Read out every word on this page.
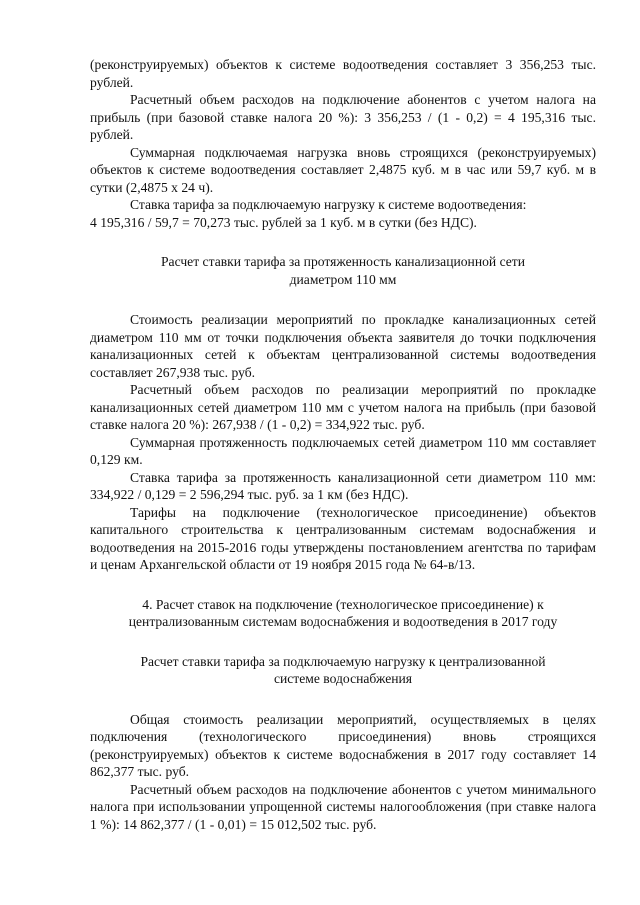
(реконструируемых) объектов к системе водоотведения составляет 3 356,253 тыс. рублей.

Расчетный объем расходов на подключение абонентов с учетом налога на прибыль (при базовой ставке налога 20 %): 3 356,253 / (1 - 0,2) = 4 195,316 тыс. рублей.

Суммарная подключаемая нагрузка вновь строящихся (реконструируемых) объектов к системе водоотведения составляет 2,4875 куб. м в час или 59,7 куб. м в сутки (2,4875 х 24 ч).

Ставка тарифа за подключаемую нагрузку к системе водоотведения:

4 195,316 / 59,7 = 70,273 тыс. рублей за 1 куб. м в сутки (без НДС).

Расчет ставки тарифа за протяженность канализационной сети

диаметром 110 мм

Стоимость реализации мероприятий по прокладке канализационных сетей диаметром 110 мм от точки подключения объекта заявителя до точки подключения канализационных сетей к объектам централизованной системы водоотведения составляет 267,938 тыс. руб.

Расчетный объем расходов по реализации мероприятий по прокладке канализационных сетей диаметром 110 мм с учетом налога на прибыль (при базовой ставке налога 20 %): 267,938 / (1 - 0,2) = 334,922 тыс. руб.

Суммарная протяженность подключаемых сетей диаметром 110 мм составляет 0,129 км.

Ставка тарифа за протяженность канализационной сети диаметром 110 мм: 334,922 / 0,129 = 2 596,294 тыс. руб. за 1 км (без НДС).

Тарифы на подключение (технологическое присоединение) объектов капитального строительства к централизованным системам водоснабжения и водоотведения на 2015-2016 годы утверждены постановлением агентства по тарифам и ценам Архангельской области от 19 ноября 2015 года № 64-в/13.

4. Расчет ставок на подключение (технологическое присоединение) к

централизованным системам водоснабжения и водоотведения в 2017 году

Расчет ставки тарифа за подключаемую нагрузку к централизованной

системе водоснабжения

Общая стоимость реализации мероприятий, осуществляемых в целях подключения (технологического присоединения) вновь строящихся (реконструируемых) объектов к системе водоснабжения в 2017 году составляет 14 862,377 тыс. руб.

Расчетный объем расходов на подключение абонентов с учетом минимального налога при использовании упрощенной системы налогообложения (при ставке налога 1 %): 14 862,377 / (1 - 0,01) = 15 012,502 тыс. руб.
